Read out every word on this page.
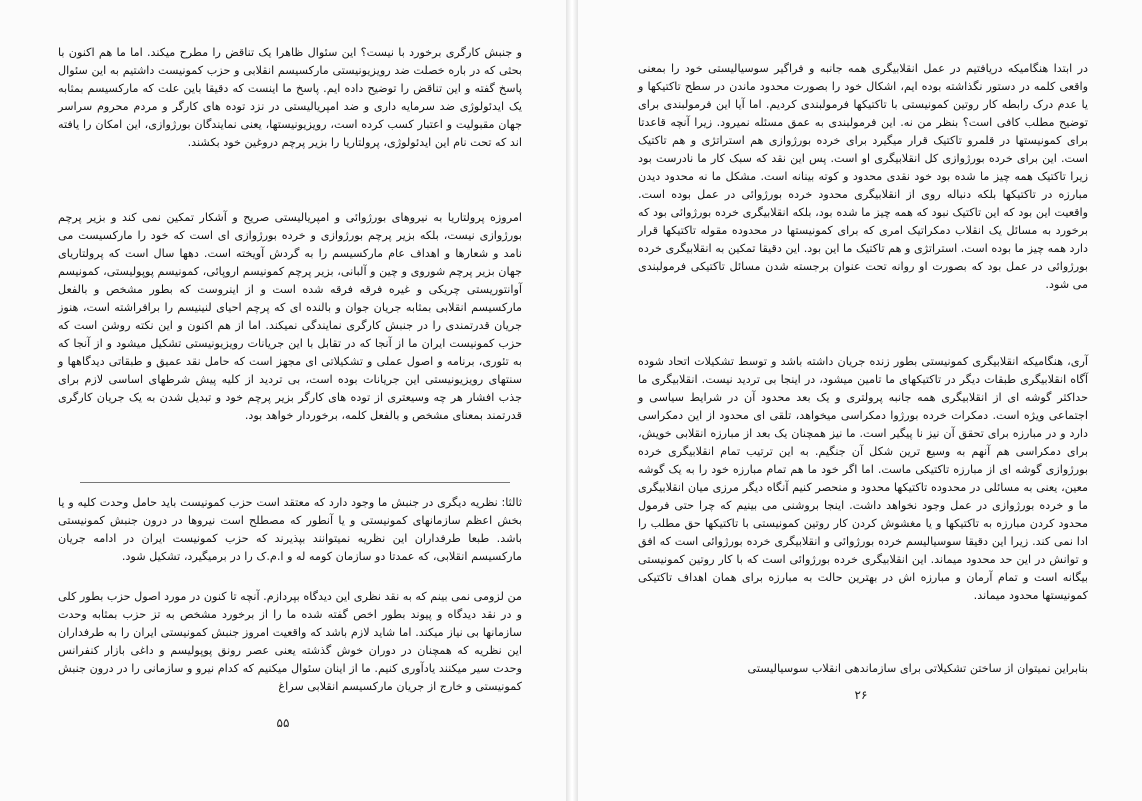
و جنبش کارگری برخورد با نیست؟ این سئوال ظاهرا یک تناقض را مطرح میکند. اما ما هم اکنون با بحثی که در باره خصلت ضد رویزیونیستی مارکسیسم انقلابی و حزب کمونیست داشتیم به این سئوال پاسخ گفته و این تناقض را توضیح داده ایم. پاسخ ما اینست که دقیقا باین علت که مارکسیسم بمثابه یک ایدئولوژی ضد سرمایه داری و ضد امپریالیستی در نزد توده های کارگر و مردم محروم سراسر جهان مقبولیت و اعتبار کسب کرده است، رویزیونیستها، یعنی نمایندگان بورژوازی، این امکان را یافته اند که تحت نام این ایدئولوژی، پرولتاریا را بزیر پرچم دروغین خود بکشند.

امروزه پرولتاریا به نیروهای بورژوائی و امپریالیستی صریح و آشکار تمکین نمی کند و بزیر پرچم بورژوازی نیست، بلکه بزیر پرچم بورژوازی و خرده بورژوازی ای است که خود را مارکسیست می نامد و شعارها و اهداف عام مارکسیسم را به گردش آویخته است. دهها سال است که پرولتاریای جهان بزیر پرچم شوروی و چین و آلبانی، بزیر پرچم کمونیسم اروپائی، کمونیسم پوپولیستی، کمونیسم آوانتوریستی چریکی و غیره فرقه فرقه شده است و از اینروست که بطور مشخص و بالفعل مارکسیسم انقلابی بمثابه جریان جوان و بالنده ای که پرچم احیای لنینیسم را برافراشته است، هنوز جریان قدرتمندی را در جنبش کارگری نمایندگی نمیکند. اما از هم اکنون و این نکته روشن است که حزب کمونیست ایران ما از آنجا که در تقابل با این جریانات رویزیونیستی تشکیل میشود و از آنجا که به تئوری، برنامه و اصول عملی و تشکیلاتی ای مجهز است که حامل نقد عمیق و طبقاتی دیدگاهها و سنتهای رویزیونیستی این جریانات بوده است، بی تردید از کلیه پیش شرطهای اساسی لازم برای جذب افشار هر چه وسیعتری از توده های کارگر بزیر پرچم خود و تبدیل شدن به یک جریان کارگری قدرتمند بمعنای مشخص و بالفعل کلمه، برخوردار خواهد بود.

ثالثا: نظریه دیگری در جنبش ما وجود دارد که معتقد است حزب کمونیست باید حامل وحدت کلیه و یا بخش اعظم سازمانهای کمونیستی و یا آنطور که مصطلح است نیروها در درون جنبش کمونیستی باشد. طبعا طرفداران این نظریه نمیتوانند بپذیرند که حزب کمونیست ایران در ادامه جریان مارکسیسم انقلابی، که عمدتا دو سازمان کومه له و ا.م.ک را در برمیگیرد، تشکیل شود.

من لزومی نمی بینم که به نقد نظری این دیدگاه بپردازم. آنچه تا کنون در مورد اصول حزب بطور کلی و در نقد دیدگاه و پیوند بطور اخص گفته شده ما را از برخورد مشخص به تز حزب بمثابه وحدت سازمانها بی نیاز میکند. اما شاید لازم باشد که واقعیت امروز جنبش کمونیستی ایران را به طرفداران این نظریه که همچنان در دوران خوش گذشته یعنی عصر رونق پوپولیسم و داغی بازار کنفرانس وحدت سیر میکنند یادآوری کنیم. ما از اینان سئوال میکنیم که کدام نیرو و سازمانی را در درون جنبش کمونیستی و خارج از جریان مارکسیسم انقلابی سراغ

۵۵

در ابتدا هنگامیکه دریافتیم در عمل انقلابیگری همه جانبه و فراگیر سوسیالیستی خود را بمعنی واقعی کلمه در دستور نگذاشته بوده ایم، اشکال خود را بصورت محدود ماندن در سطح تاکتیکها و یا عدم درک رابطه کار روتین کمونیستی با تاکتیکها فرمولبندی کردیم. اما آیا این فرمولبندی برای توضیح مطلب کافی است؟ بنظر من نه. این فرمولبندی به عمق مسئله نمیرود. زیرا آنچه قاعدتا برای کمونیستها در قلمرو تاکتیک قرار میگیرد برای خرده بورژوازی هم استراتژی و هم تاکتیک است. این برای خرده بورژوازی کل انقلابیگری او است. پس این نقد که سبک کار ما نادرست بود زیرا تاکتیک همه چیز ما شده بود خود نقدی محدود و کوته بینانه است. مشکل ما نه محدود دیدن مبارزه در تاکتیکها بلکه دنباله روی از انقلابیگری محدود خرده بورژوائی در عمل بوده است. واقعیت این بود که این تاکتیک نبود که همه چیز ما شده بود، بلکه انقلابیگری خرده بورژوائی بود که برخورد به مسائل یک انقلاب دمکراتیک امری که برای کمونیستها در محدوده مقوله تاکتیکها قرار دارد همه چیز ما بوده است. استراتژی و هم تاکتیک ما این بود. این دقیقا تمکین به انقلابیگری خرده بورژوائی در عمل بود که بصورت او روانه تحت عنوان برجسته شدن مسائل تاکتیکی فرمولبندی می شود.

آری، هنگامیکه انقلابیگری کمونیستی بطور زنده جریان داشته باشد و توسط تشکیلات اتحاد شوده آگاه انقلابیگری طبقات دیگر در تاکتیکهای ما تامین میشود، در اینجا بی تردید نیست. انقلابیگری ما حداکثر گوشه ای از انقلابیگری همه جانبه پرولتری و یک بعد محدود آن در شرایط سیاسی و اجتماعی ویژه است. دمکرات خرده بورژوا دمکراسی میخواهد، تلقی ای محدود از این دمکراسی دارد و در مبارزه برای تحقق آن نیز نا پیگیر است. ما نیز همچنان یک بعد از مبارزه انقلابی خویش، برای دمکراسی هم آنهم به وسیع ترین شکل آن جنگیم. به این ترتیب تمام انقلابیگری خرده بورژوازی گوشه ای از مبارزه تاکتیکی ماست. اما اگر خود ما هم تمام مبارزه خود را به یک گوشه معین، یعنی به مسائلی در محدوده تاکتیکها محدود و منحصر کنیم آنگاه دیگر مرزی میان انقلابیگری ما و خرده بورژوازی در عمل وجود نخواهد داشت. اینجا بروشنی می بینیم که چرا حتی فرمول محدود کردن مبارزه به تاکتیکها و یا مغشوش کردن کار روتین کمونیستی با تاکتیکها حق مطلب را ادا نمی کند. زیرا این دقیقا سوسیالیسم خرده بورژوائی و انقلابیگری خرده بورژوائی است که افق و توانش در این حد محدود میماند. این انقلابیگری خرده بورژوائی است که با کار روتین کمونیستی بیگانه است و تمام آرمان و مبارزه اش در بهترین حالت به مبارزه برای همان اهداف تاکتیکی کمونیستها محدود میماند.

بنابراین نمیتوان از ساختن تشکیلاتی برای سازماندهی انقلاب سوسیالیستی

۲۶
